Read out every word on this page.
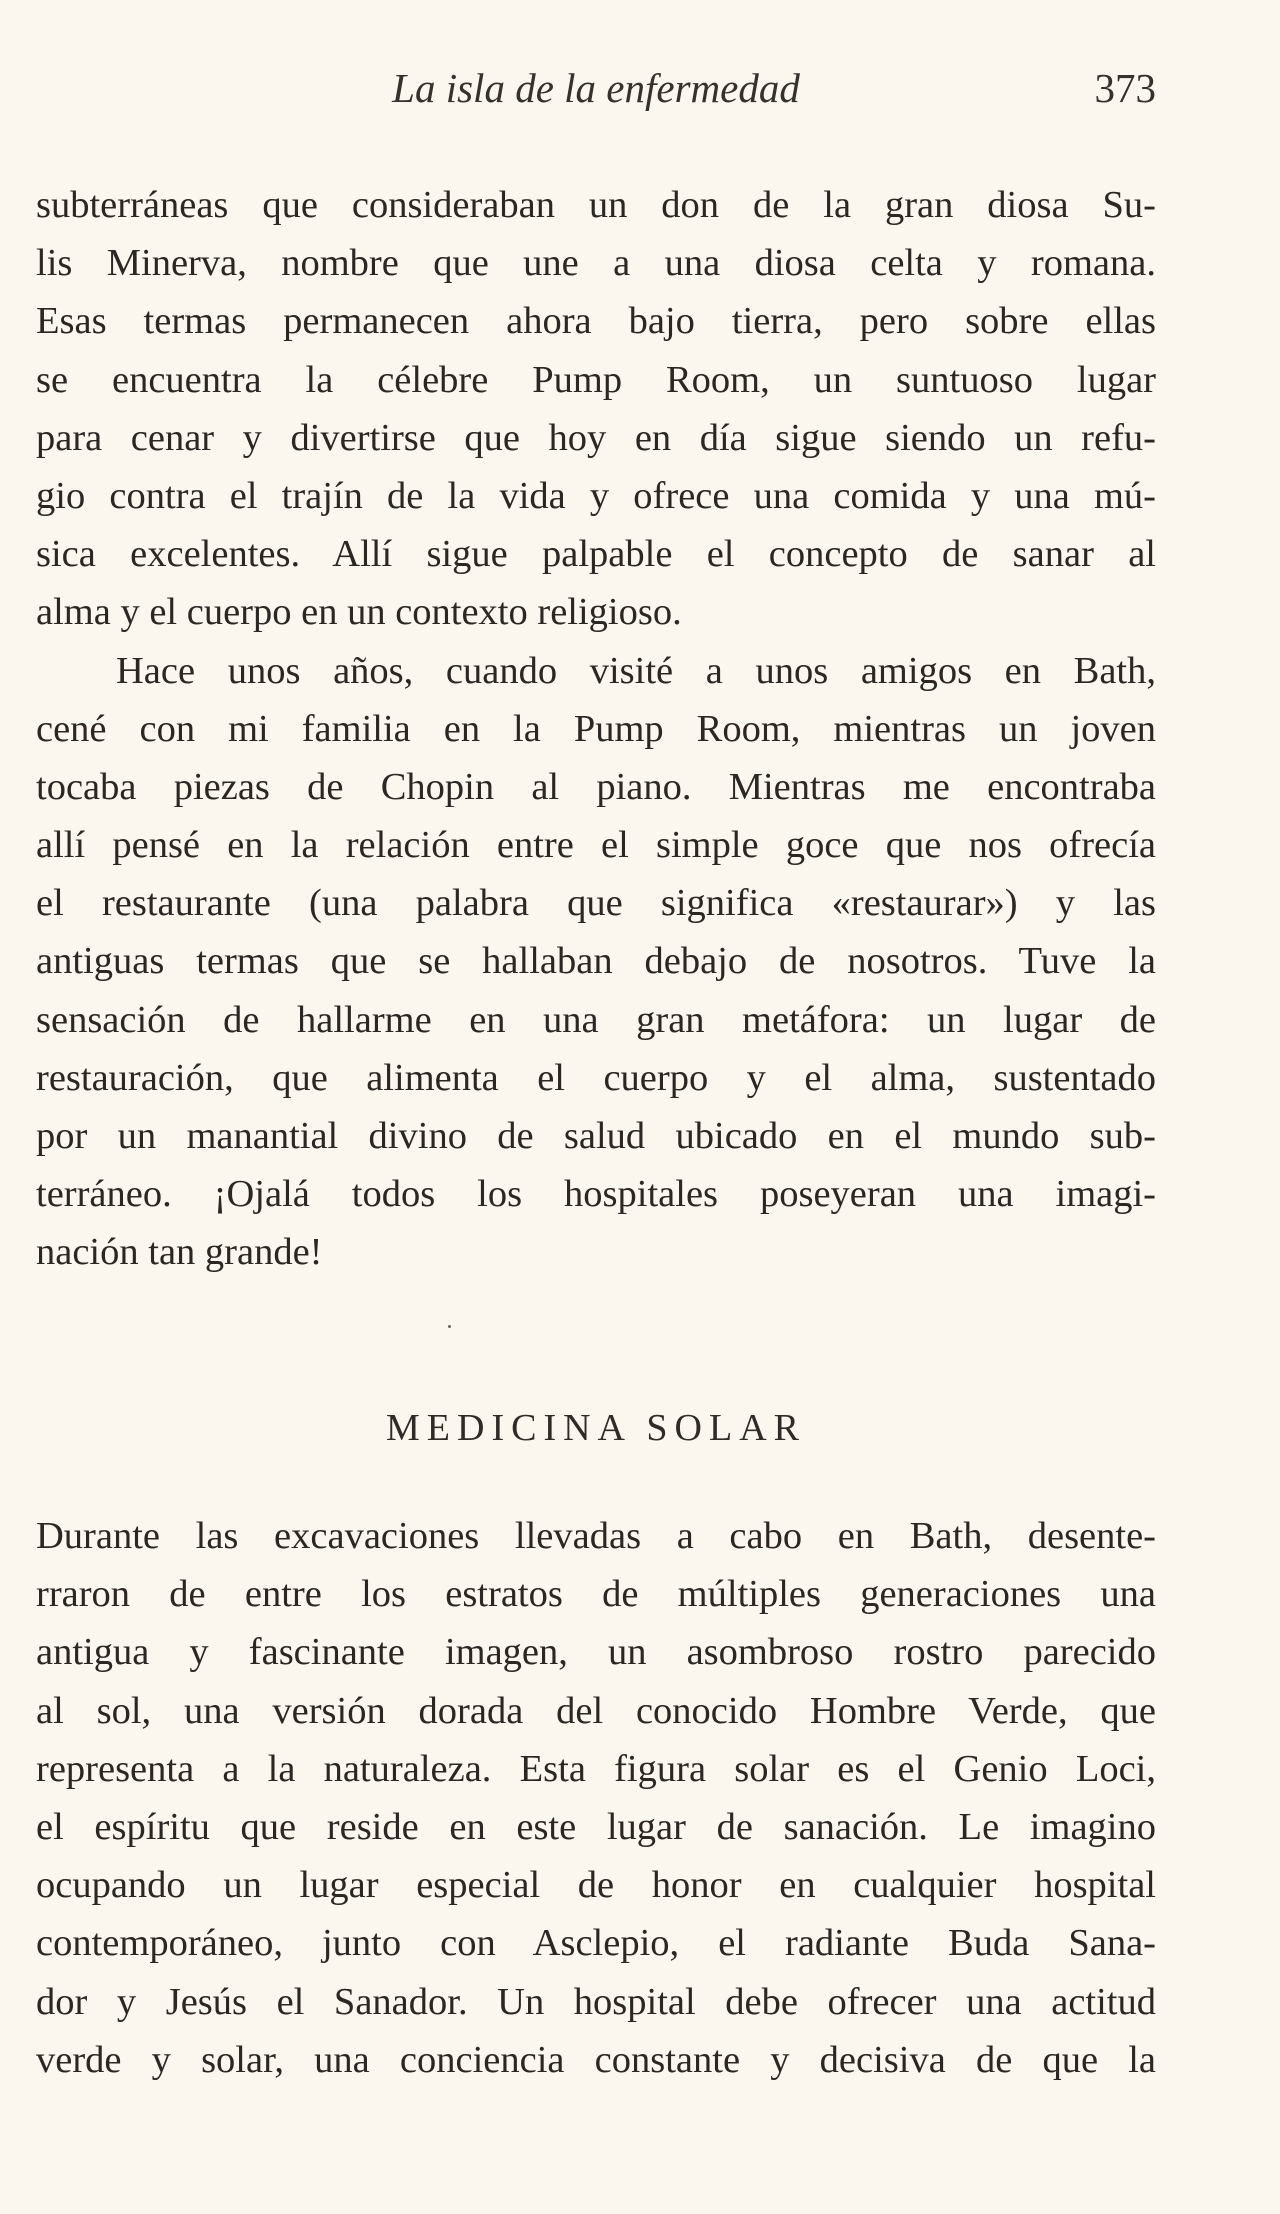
La isla de la enfermedad	373
subterráneas que consideraban un don de la gran diosa Su-
lis Minerva, nombre que une a una diosa celta y romana.
Esas termas permanecen ahora bajo tierra, pero sobre ellas
se encuentra la célebre Pump Room, un suntuoso lugar
para cenar y divertirse que hoy en día sigue siendo un refu-
gio contra el trajín de la vida y ofrece una comida y una mú-
sica excelentes. Allí sigue palpable el concepto de sanar al
alma y el cuerpo en un contexto religioso.
Hace unos años, cuando visité a unos amigos en Bath,
cené con mi familia en la Pump Room, mientras un joven
tocaba piezas de Chopin al piano. Mientras me encontraba
allí pensé en la relación entre el simple goce que nos ofrecía
el restaurante (una palabra que significa «restaurar») y las
antiguas termas que se hallaban debajo de nosotros. Tuve la
sensación de hallarme en una gran metáfora: un lugar de
restauración, que alimenta el cuerpo y el alma, sustentado
por un manantial divino de salud ubicado en el mundo sub-
terráneo. ¡Ojalá todos los hospitales poseyeran una imagi-
nación tan grande!
MEDICINA SOLAR
Durante las excavaciones llevadas a cabo en Bath, desente-
rraron de entre los estratos de múltiples generaciones una
antigua y fascinante imagen, un asombroso rostro parecido
al sol, una versión dorada del conocido Hombre Verde, que
representa a la naturaleza. Esta figura solar es el Genio Loci,
el espíritu que reside en este lugar de sanación. Le imagino
ocupando un lugar especial de honor en cualquier hospital
contemporáneo, junto con Asclepio, el radiante Buda Sana-
dor y Jesús el Sanador. Un hospital debe ofrecer una actitud
verde y solar, una conciencia constante y decisiva de que la
